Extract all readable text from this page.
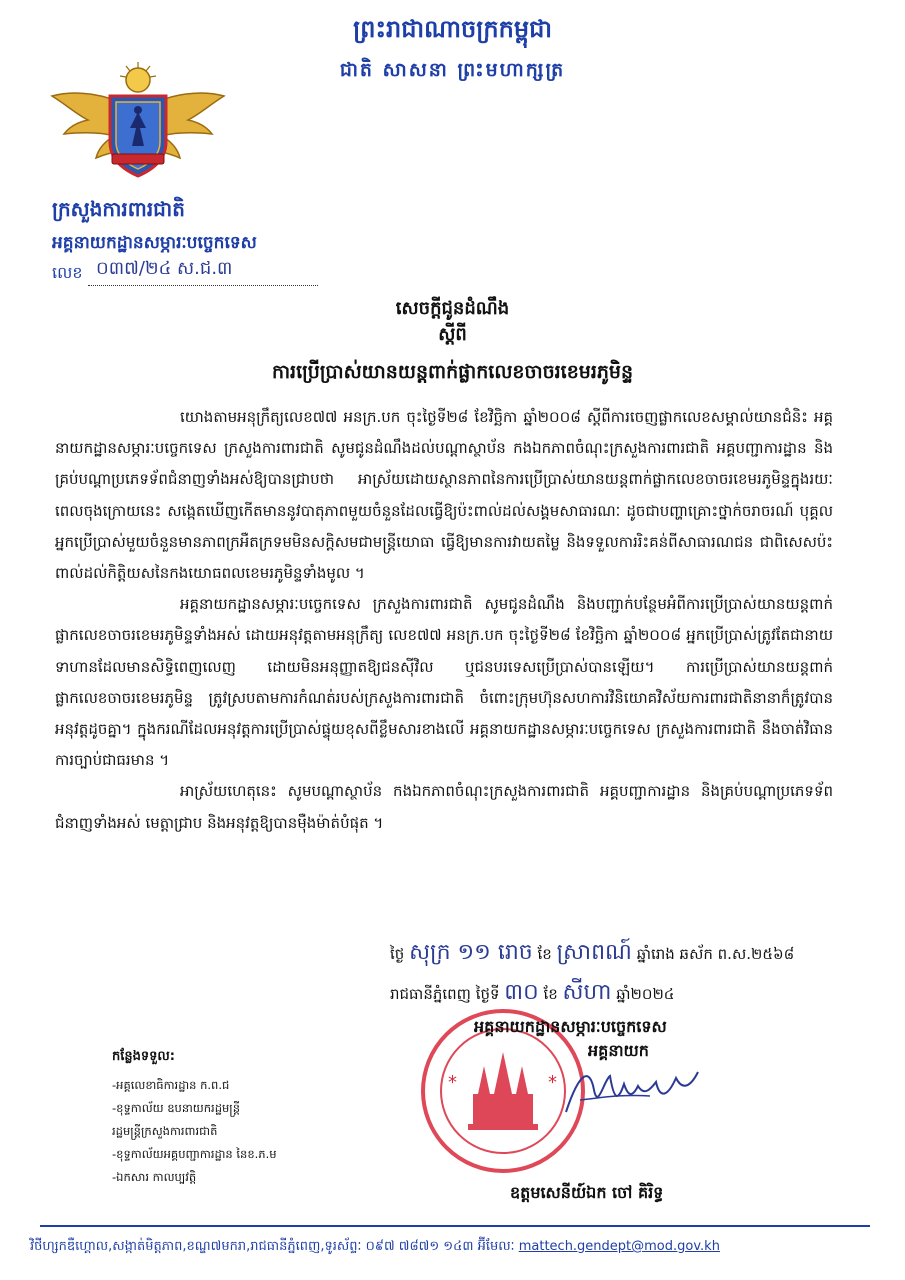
ព្រះរាជាណាចក្រកម្ពុជា
ជាតិ សាសនា ព្រះមហាក្សត្រ
ក្រសួងការពារជាតិ
អគ្គនាយកដ្ឋានសម្ភារៈបច្ចេកទេស
លេខ ០៣៧/២៤ ស.ជ.៣
សេចក្តីជូនដំណឹង
ស្តីពី
ការប្រើប្រាស់យានយន្តពាក់ផ្លាកលេខចាចរខេមរភូមិន្ទ

យោងតាមអនុក្រឹត្យលេខ៧៧ អនក្រ.បក ចុះថ្ងៃទី២៨ ខែវិច្ឆិកា ឆ្នាំ២០០៨ ស្តីពីការចេញផ្លាកលេខសម្គាល់យានជំនិះ អគ្គនាយកដ្ឋានសម្ភារៈបច្ចេកទេស ក្រសួងការពារជាតិ សូមជូនដំណឹងដល់បណ្តាស្ថាប័ន កងឯកភាពចំណុះក្រសួងការពារជាតិ អគ្គបញ្ជាការដ្ឋាន និងគ្រប់បណ្តាប្រភេទទ័ពជំនាញទាំងអស់ឱ្យបានជ្រាបថា អាស្រ័យដោយស្ថានភាពនៃការប្រើប្រាស់យានយន្តពាក់ផ្លាកលេខចាចរខេមរភូមិន្ទក្នុងរយៈពេលចុងក្រោយនេះ សង្កេតឃើញកើតមាននូវបាតុភាពមួយចំនួនដែលធ្វើឱ្យប៉ះពាល់ដល់សង្គមសាធារណៈ ដូចជាបញ្ហាគ្រោះថ្នាក់ចរាចរណ៍ បុគ្គលអ្នកប្រើប្រាស់មួយចំនួនមានភាពក្រអឺតក្រទមមិនសក្តិសមជាមន្ត្រីយោធា ធ្វើឱ្យមានការវាយតម្លៃ និងទទួលការរិះគន់ពីសាធារណជន ជាពិសេសប៉ះពាល់ដល់កិត្តិយសនៃកងយោធពលខេមរភូមិន្ទទាំងមូល ។

អគ្គនាយកដ្ឋានសម្ភារៈបច្ចេកទេស ក្រសួងការពារជាតិ សូមជូនដំណឹង និងបញ្ជាក់បន្ថែមអំពីការប្រើប្រាស់យានយន្តពាក់ផ្លាកលេខចាចរខេមរភូមិន្ទទាំងអស់ ដោយអនុវត្តតាមអនុក្រឹត្យ លេខ៧៧ អនក្រ.បក ចុះថ្ងៃទី២៨ ខែវិច្ឆិកា ឆ្នាំ២០០៨ អ្នកប្រើប្រាស់ត្រូវតែជានាយទាហានដែលមានសិទ្ធិពេញលេញ ដោយមិនអនុញ្ញាតឱ្យជនស៊ីវិល ឬជនបរទេសប្រើប្រាស់បានឡើយ។ ការប្រើប្រាស់យានយន្តពាក់ផ្លាកលេខចាចរខេមរភូមិន្ទ ត្រូវស្របតាមការកំណត់របស់ក្រសួងការពារជាតិ ចំពោះក្រុមហ៊ុនសហការវិនិយោគវិស័យការពារជាតិនានាក៏ត្រូវបានអនុវត្តដូចគ្នា។ ក្នុងករណីដែលអនុវត្តការប្រើប្រាស់ផ្ទុយខុសពីខ្លឹមសារខាងលើ អគ្គនាយកដ្ឋានសម្ភារៈបច្ចេកទេស ក្រសួងការពារជាតិ នឹងចាត់វិធានការច្បាប់ជាធរមាន ។

អាស្រ័យហេតុនេះ សូមបណ្តាស្ថាប័ន កងឯកភាពចំណុះក្រសួងការពារជាតិ អគ្គបញ្ជាការដ្ឋាន និងគ្រប់បណ្តាប្រភេទទ័ពជំនាញទាំងអស់ មេត្តាជ្រាប និងអនុវត្តឱ្យបានម៉ឺងម៉ាត់បំផុត ។

ថ្ងៃ សុក្រ ១១ រោច ខែ ស្រាពណ៍ ឆ្នាំរោង ឆស័ក ព.ស.២៥៦៨
រាជធានីភ្នំពេញ ថ្ងៃទី ៣០ ខែ សីហា ឆ្នាំ២០២៤
*	*
អគ្គនាយកដ្ឋានសម្ភារៈបច្ចេកទេស
អគ្គនាយក
ឧត្តមសេនីយ៍ឯក ចៅ គិរិទ្ធ
កន្លែងទទួល:
-អគ្គលេខាធិការដ្ឋាន ក.ព.ជ
-ខុទ្ទកាល័យ ឧបនាយករដ្ឋមន្ត្រី
រដ្ឋមន្ត្រីក្រសួងការពារជាតិ
-ខុទ្ទកាល័យអគ្គបញ្ជាការដ្ឋាន នៃខ.ភ.ម
-ឯកសារ កាលប្បវត្តិ
វិថីហ្សកឌឺហ្គោល,សង្កាត់មិត្តភាព,ខណ្ឌ៧មករា,រាជធានីភ្នំពេញ,ទូរស័ព្ទៈ ០៩៧ ៧៨៧១ ១៤៣ អ៊ីមែលៈ mattech.gendept@mod.gov.kh
